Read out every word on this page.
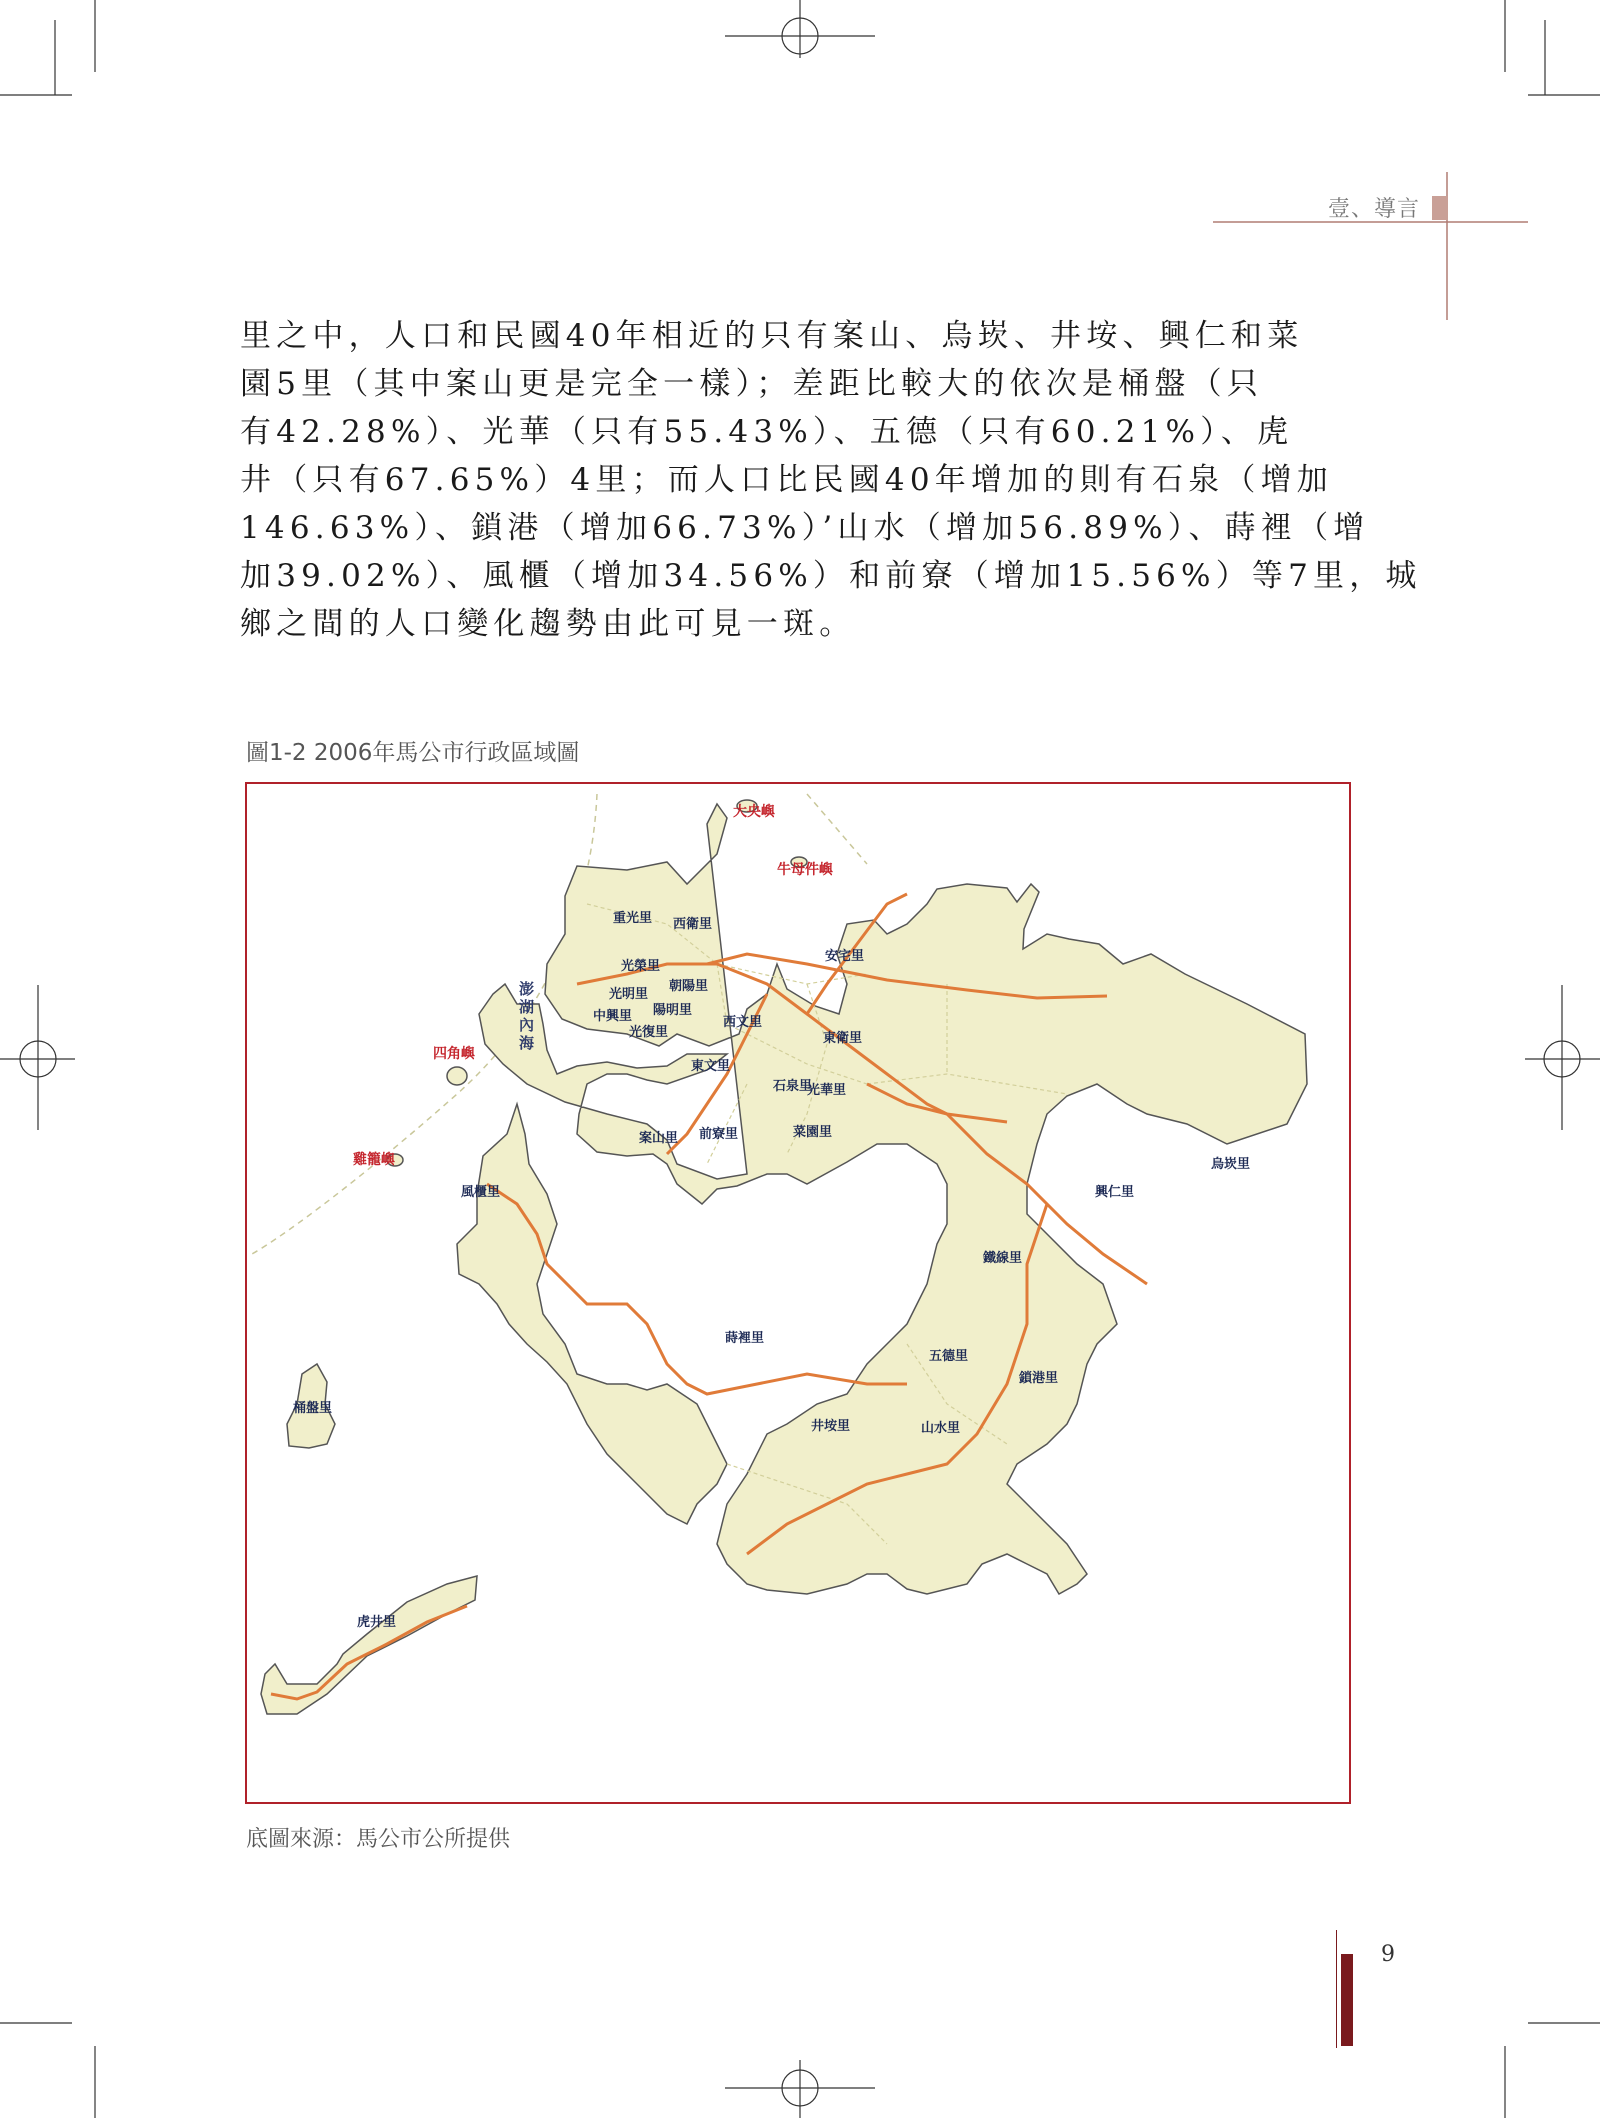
壹、導言

里之中，人口和民國40年相近的只有案山、烏崁、井垵、興仁和菜

園5里（其中案山更是完全一樣）；差距比較大的依次是桶盤（只

有42.28%）、光華（只有55.43%）、五德（只有60.21%）、虎

井（只有67.65%）4里；而人口比民國40年增加的則有石泉（增加

146.63%）、鎖港（增加66.73%）’山水（增加56.89%）、蒔裡（增

加39.02%）、風櫃（增加34.56%）和前寮（增加15.56%）等7里，城

鄉之間的人口變化趨勢由此可見一斑。

圖1-2 2006年馬公市行政區域圖
澎
湖
內
海
大央嶼
牛母件嶼
四角嶼
雞籠嶼
重光里 西衛里
光榮里
光明里
朝陽里
中興里 陽明里
光復里
西文里
安宅里
東衛里
東文里
石泉里
光華里
案山里 前寮里	菜園里
烏崁里
興仁里
風櫃里
鐵線里
蒔裡里
五德里
鎖港里
井垵里	山水里
桶盤里
虎井里
底圖來源：馬公市公所提供
9
